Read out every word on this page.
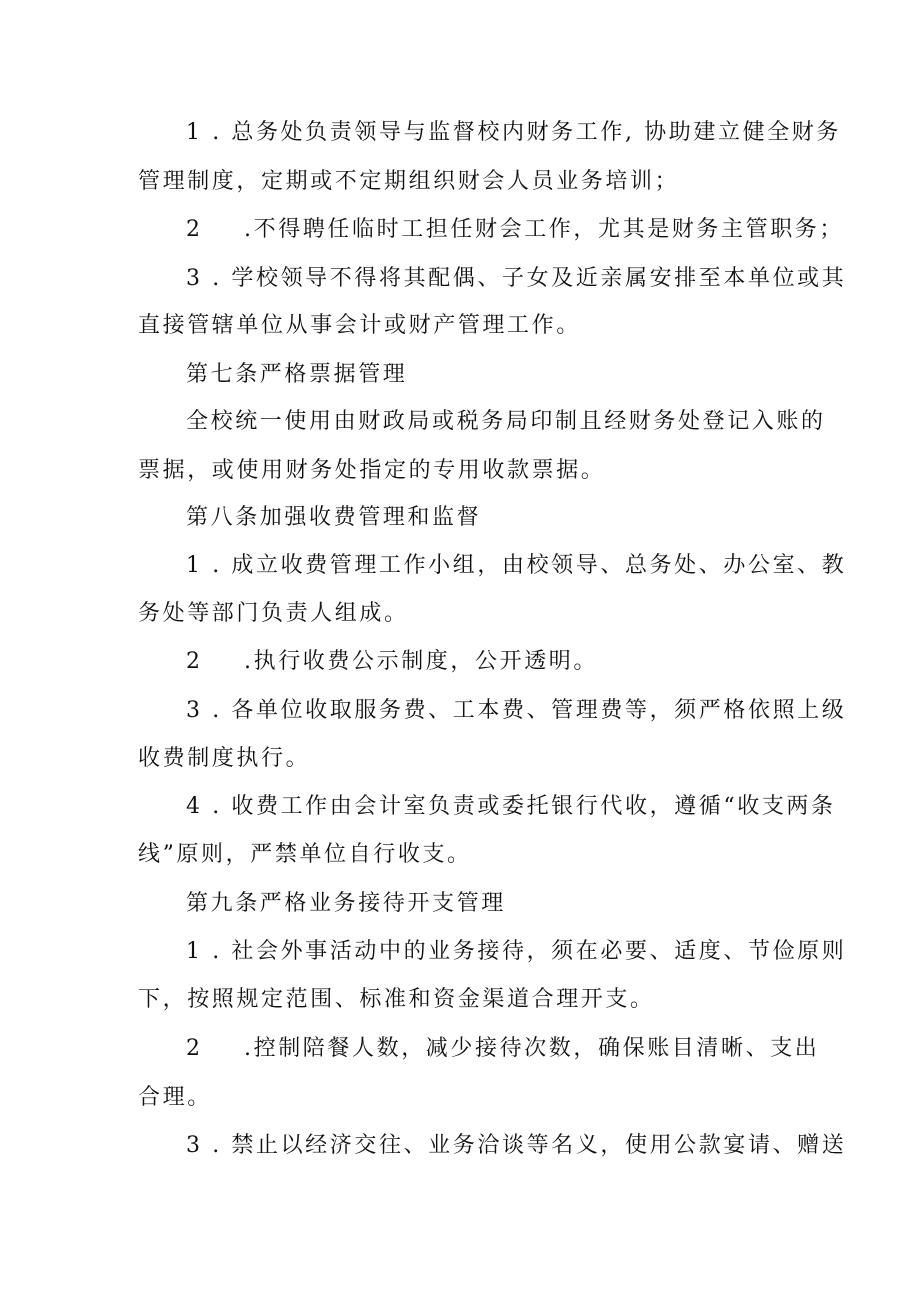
1 . 总务处负责领导与监督校内财务工作, 协助建立健全财务
管理制度，定期或不定期组织财会人员业务培训；
2 .不得聘任临时工担任财会工作，尤其是财务主管职务；
3 . 学校领导不得将其配偶、子女及近亲属安排至本单位或其
直接管辖单位从事会计或财产管理工作。
第七条严格票据管理
全校统一使用由财政局或税务局印制且经财务处登记入账的
票据，或使用财务处指定的专用收款票据。
第八条加强收费管理和监督
1 . 成立收费管理工作小组，由校领导、总务处、办公室、教
务处等部门负责人组成。
2 .执行收费公示制度，公开透明。
3 . 各单位收取服务费、工本费、管理费等，须严格依照上级
收费制度执行。
4 . 收费工作由会计室负责或委托银行代收，遵循“收支两条
线”原则，严禁单位自行收支。
第九条严格业务接待开支管理
1 . 社会外事活动中的业务接待，须在必要、适度、节俭原则
下，按照规定范围、标准和资金渠道合理开支。
2 .控制陪餐人数，减少接待次数，确保账目清晰、支出
合理。
3 . 禁止以经济交往、业务洽谈等名义，使用公款宴请、赠送
